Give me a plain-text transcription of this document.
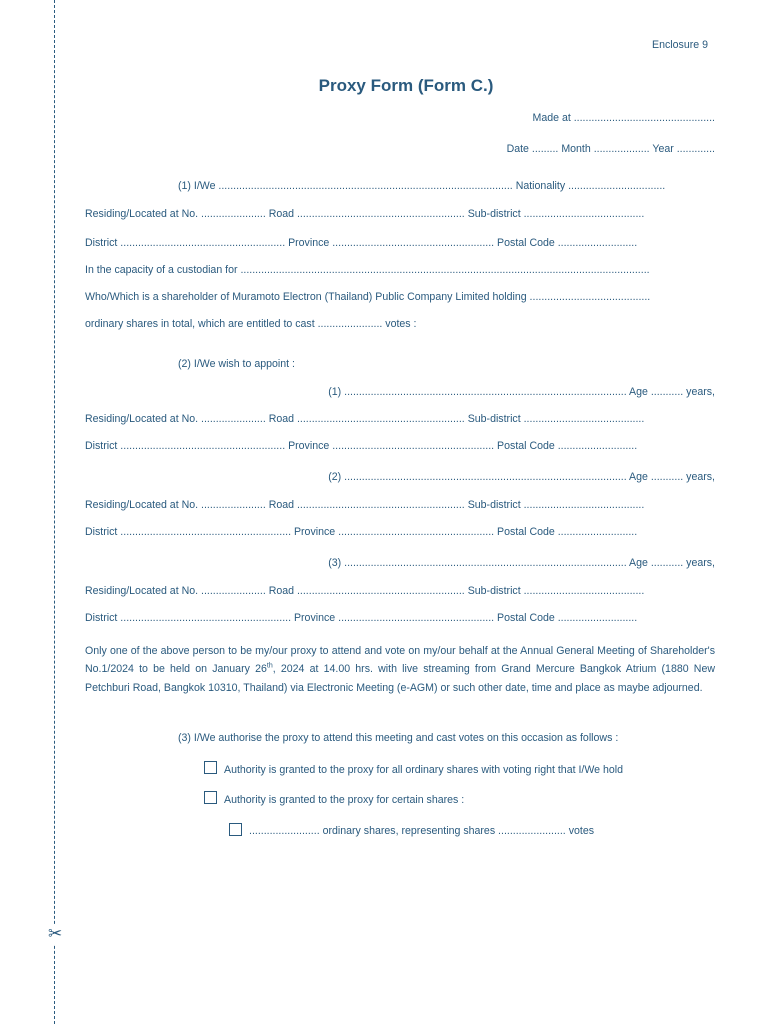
✂
Enclosure 9
Proxy Form (Form C.)
Made at ................................................
Date ......... Month ................... Year .............
(1) I/We .................................................................................................... Nationality .................................
Residing/Located at No. ...................... Road ......................................................... Sub-district .........................................
District ........................................................ Province ....................................................... Postal Code ...........................
In the capacity of a custodian for ...........................................................................................................................................
Who/Which is a shareholder of Muramoto Electron (Thailand) Public Company Limited holding .........................................
ordinary shares in total, which are entitled to cast ...................... votes :
(2) I/We wish to appoint :
(1) ................................................................................................ Age ........... years,
Residing/Located at No. ...................... Road ......................................................... Sub-district .........................................
District ........................................................ Province ....................................................... Postal Code ...........................
(2) ................................................................................................ Age ........... years,
Residing/Located at No. ...................... Road ......................................................... Sub-district .........................................
District .......................................................... Province ..................................................... Postal Code ...........................
(3) ................................................................................................ Age ........... years,
Residing/Located at No. ...................... Road ......................................................... Sub-district .........................................
District .......................................................... Province ..................................................... Postal Code ...........................
Only one of the above person to be my/our proxy to attend and vote on my/our behalf at the Annual General Meeting of Shareholder's No.1/2024 to be held on January 26th, 2024 at 14.00 hrs. with live streaming from Grand Mercure Bangkok Atrium (1880 New Petchburi Road, Bangkok 10310, Thailand) via Electronic Meeting (e-AGM) or such other date, time and place as maybe adjourned.
(3) I/We authorise the proxy to attend this meeting and cast votes on this occasion as follows :
Authority is granted to the proxy for all ordinary shares with voting right that I/We hold
Authority is granted to the proxy for certain shares :
........................ ordinary shares, representing shares ....................... votes
